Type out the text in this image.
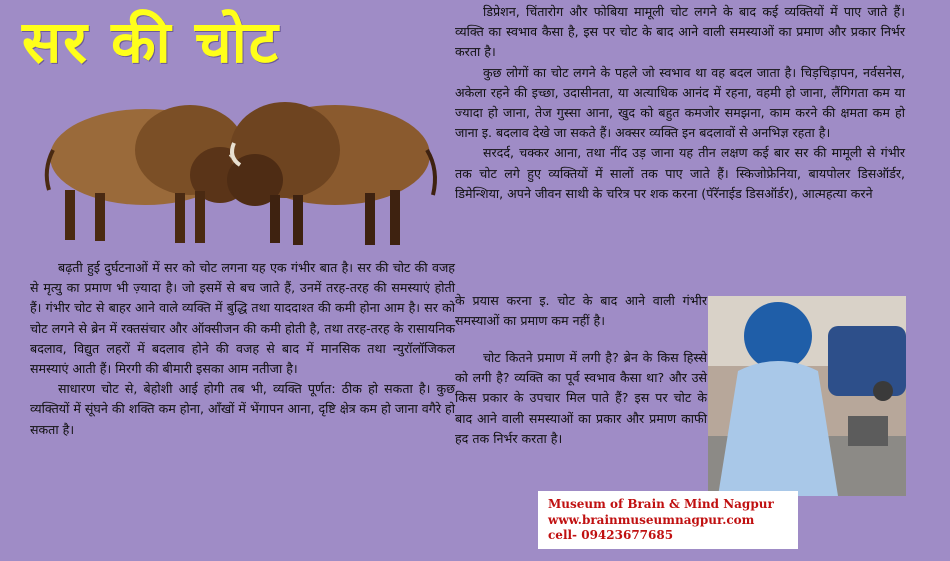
सर की चोट

बढ़ती हुई दुर्घटनाओं में सर को चोट लगना यह एक गंभीर बात है। सर की चोट की वजह से मृत्यु का प्रमाण भी ज़्यादा है। जो इसमें से बच जाते हैं, उनमें तरह-तरह की समस्याएं होती हैं। गंभीर चोट से बाहर आने वाले व्यक्ति में बुद्धि तथा याददाश्त की कमी होना आम है। सर को चोट लगने से ब्रेन में रक्तसंचार और ऑक्सीजन की कमी होती है, तथा तरह-तरह के रासायनिक बदलाव, विद्युत लहरों में बदलाव होने की वजह से बाद में मानसिक तथा न्युरॉलॉजिकल समस्याएं आती हैं। मिरगी की बीमारी इसका आम नतीजा है।

साधारण चोट से, बेहोशी आई होगी तब भी, व्यक्ति पूर्णत: ठीक हो सकता है। कुछ व्यक्तियों में सूंघने की शक्ति कम होना, आँखों में भेंगापन आना, दृष्टि क्षेत्र कम हो जाना वगैरे हो सकता है।

डिप्रेशन, चिंतारोग और फोबिया मामूली चोट लगने के बाद कई व्यक्तियों में पाए जाते हैं। व्यक्ति का स्वभाव कैसा है, इस पर चोट के बाद आने वाली समस्याओं का प्रमाण और प्रकार निर्भर करता है।

कुछ लोगों का चोट लगने के पहले जो स्वभाव था वह बदल जाता है। चिड़चिड़ापन, नर्वसनेस, अकेला रहने की इच्छा, उदासीनता, या अत्याधिक आनंद में रहना, वहमी हो जाना, लैंगिगता कम या ज्यादा हो जाना, तेज गुस्सा आना, खुद को बहुत कमजोर समझना, काम करने की क्षमता कम हो जाना इ. बदलाव देखे जा सकते हैं। अक्सर व्यक्ति इन बदलावों से अनभिज्ञ रहता है।

सरदर्द, चक्कर आना, तथा नींद उड़ जाना यह तीन लक्षण कई बार सर की मामूली से गंभीर तक चोट लगे हुए व्यक्तियों में सालों तक पाए जाते हैं। स्किजोफ्रेनिया, बायपोलर डिसऑर्डर, डिमेन्शिया, अपने जीवन साथी के चरित्र पर शक करना (पॅरॅनाईड डिसऑर्डर), आत्महत्या करने

के प्रयास करना इ. चोट के बाद आने वाली गंभीर समस्याओं का प्रमाण कम नहीं है।

चोट कितने प्रमाण में लगी है? ब्रेन के किस हिस्से को लगी है? व्यक्ति का पूर्व स्वभाव कैसा था? और उसे किस प्रकार के उपचार मिल पाते हैं? इस पर चोट के बाद आने वाली समस्याओं का प्रकार और प्रमाण काफी हद तक निर्भर करता है।

Museum of Brain & Mind Nagpur
www.brainmuseumnagpur.com
cell- 09423677685
